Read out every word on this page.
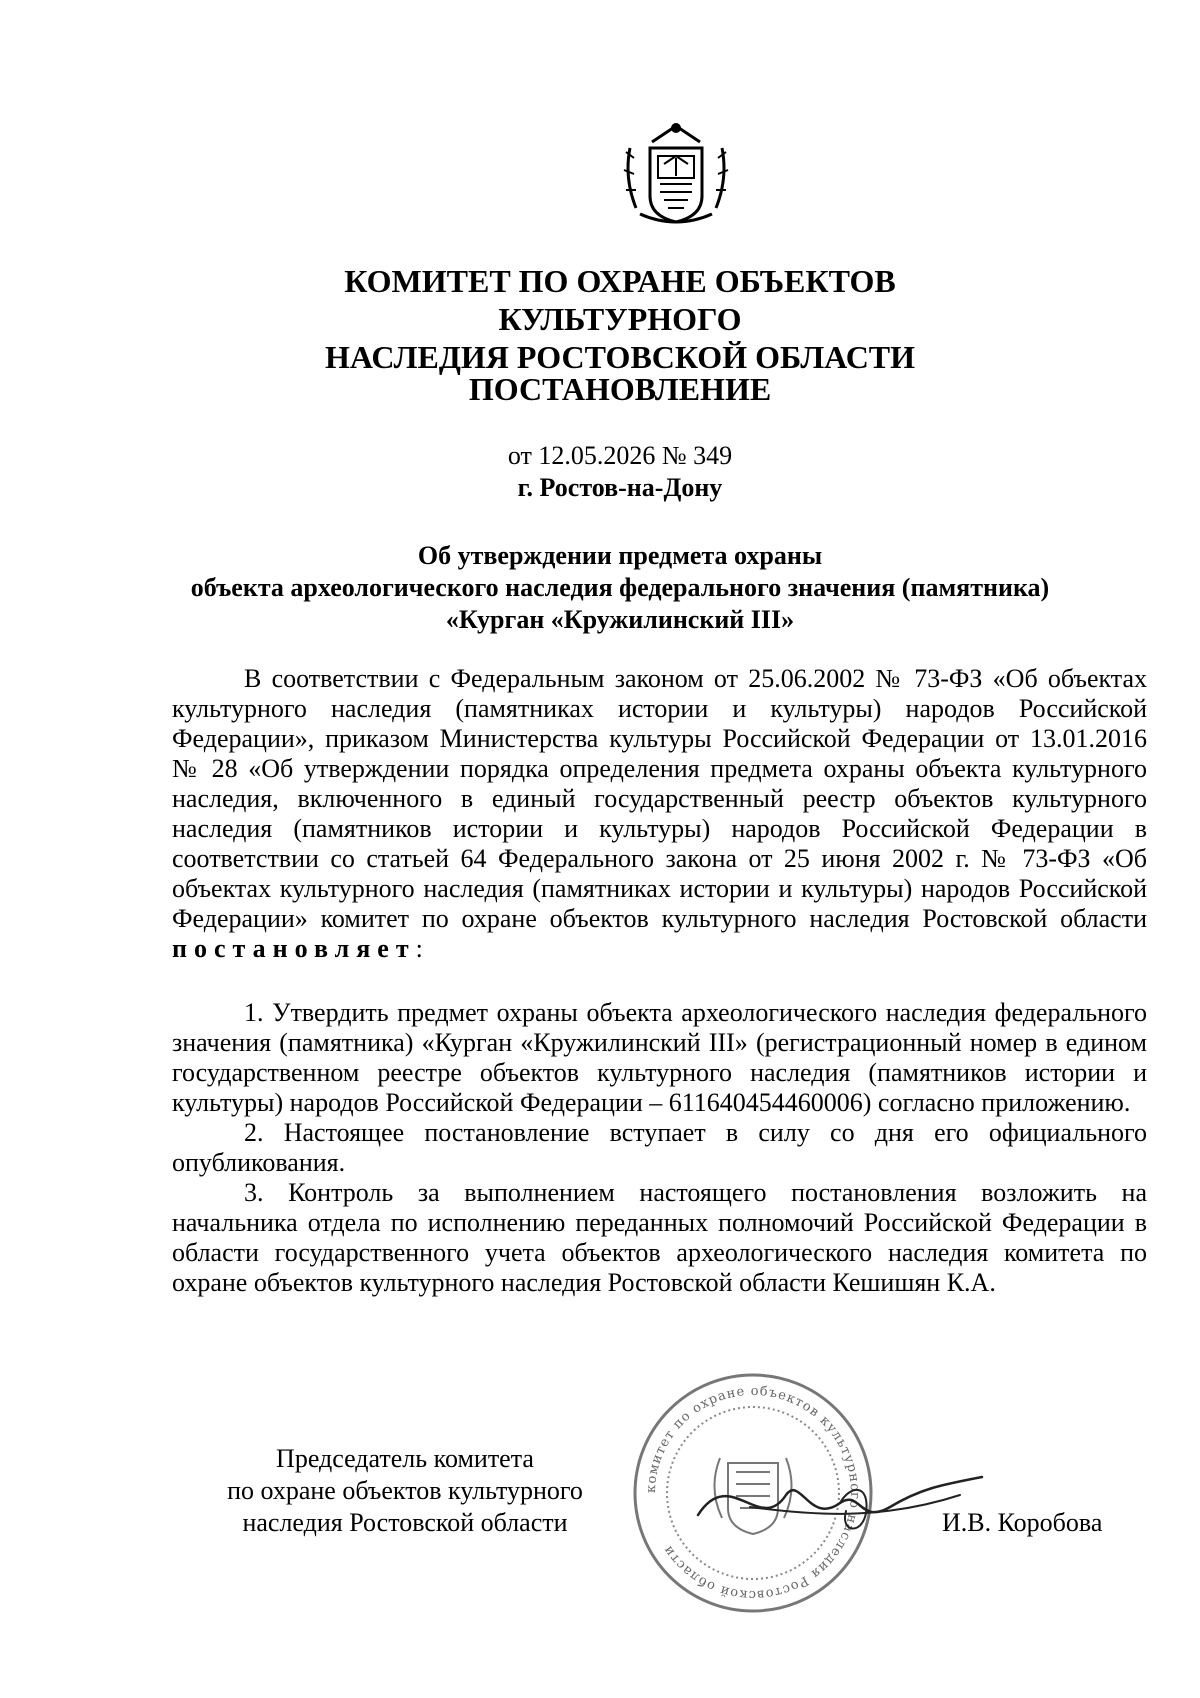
КОМИТЕТ ПО ОХРАНЕ ОБЪЕКТОВ КУЛЬТУРНОГО
НАСЛЕДИЯ РОСТОВСКОЙ ОБЛАСТИ
ПОСТАНОВЛЕНИЕ
от 12.05.2026 № 349
г. Ростов-на-Дону
Об утверждении предмета охраны
объекта археологического наследия федерального значения (памятника)
«Курган «Кружилинский III»

В соответствии с Федеральным законом от 25.06.2002 № 73-ФЗ «Об объектах культурного наследия (памятниках истории и культуры) народов Российской Федерации», приказом Министерства культуры Российской Федерации от 13.01.2016 № 28 «Об утверждении порядка определения предмета охраны объекта культурного наследия, включенного в единый государственный реестр объектов культурного наследия (памятников истории и культуры) народов Российской Федерации в соответствии со статьей 64 Федерального закона от 25 июня 2002 г. № 73-ФЗ «Об объектах культурного наследия (памятниках истории и культуры) народов Российской Федерации» комитет по охране объектов культурного наследия Ростовской области постановляет:

1. Утвердить предмет охраны объекта археологического наследия федерального значения (памятника) «Курган «Кружилинский III» (регистрационный номер в едином государственном реестре объектов культурного наследия (памятников истории и культуры) народов Российской Федерации – 611640454460006) согласно приложению.

2. Настоящее постановление вступает в силу со дня его официального опубликования.

3. Контроль за выполнением настоящего постановления возложить на начальника отдела по исполнению переданных полномочий Российской Федерации в области государственного учета объектов археологического наследия комитета по охране объектов культурного наследия Ростовской области Кешишян К.А.

Председатель комитета
по охране объектов культурного
наследия Ростовской области
комитет по охране объектов культурного наследия Ростовской области
И.В. Коробова
